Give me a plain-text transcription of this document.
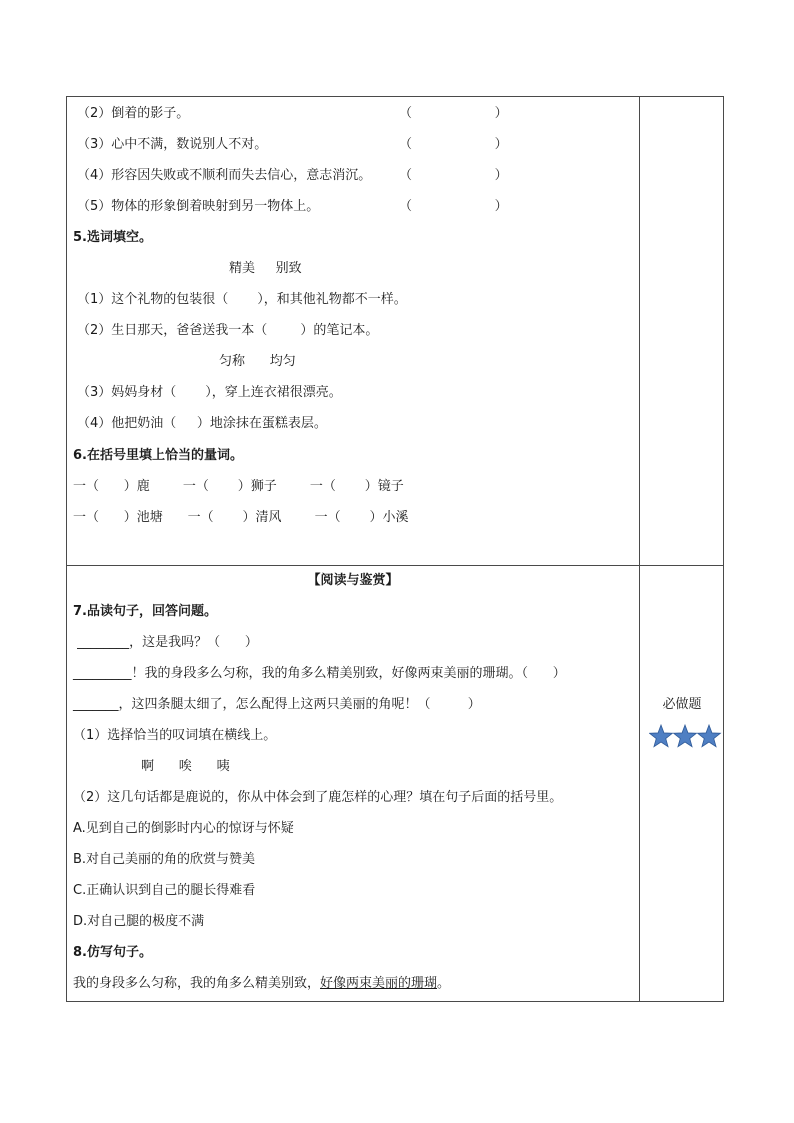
（2）倒着的影子。	（                    ）
（3）心中不满，数说别人不对。	（                    ）
（4）形容因失败或不顺利而失去信心，意志消沉。 （                    ）
（5）物体的形象倒着映射到另一物体上。	（                    ）
5.选词填空。
精美     别致
（1）这个礼物的包装很（       ），和其他礼物都不一样。
（2）生日那天，爸爸送我一本（        ）的笔记本。
匀称      均匀
（3）妈妈身材（       ），穿上连衣裙很漂亮。
（4）他把奶油（     ）地涂抹在蛋糕表层。
6.在括号里填上恰当的量词。
一（      ）鹿        一（       ）狮子        一（       ）镜子
一（      ）池塘      一（       ）清风        一（       ）小溪
【阅读与鉴赏】
7.品读句子，回答问题。
________，这是我吗？（      ）
_________！我的身段多么匀称，我的角多么精美别致，好像两束美丽的珊瑚。（      ）
_______，这四条腿太细了，怎么配得上这两只美丽的角呢！（         ）
（1）选择恰当的叹词填在横线上。
啊      唉      咦
（2）这几句话都是鹿说的，你从中体会到了鹿怎样的心理？填在句子后面的括号里。
A.见到自己的倒影时内心的惊讶与怀疑
B.对自己美丽的角的欣赏与赞美
C.正确认识到自己的腿长得难看
D.对自己腿的极度不满
8.仿写句子。
我的身段多么匀称，我的角多么精美别致，好像两束美丽的珊瑚。
必做题
